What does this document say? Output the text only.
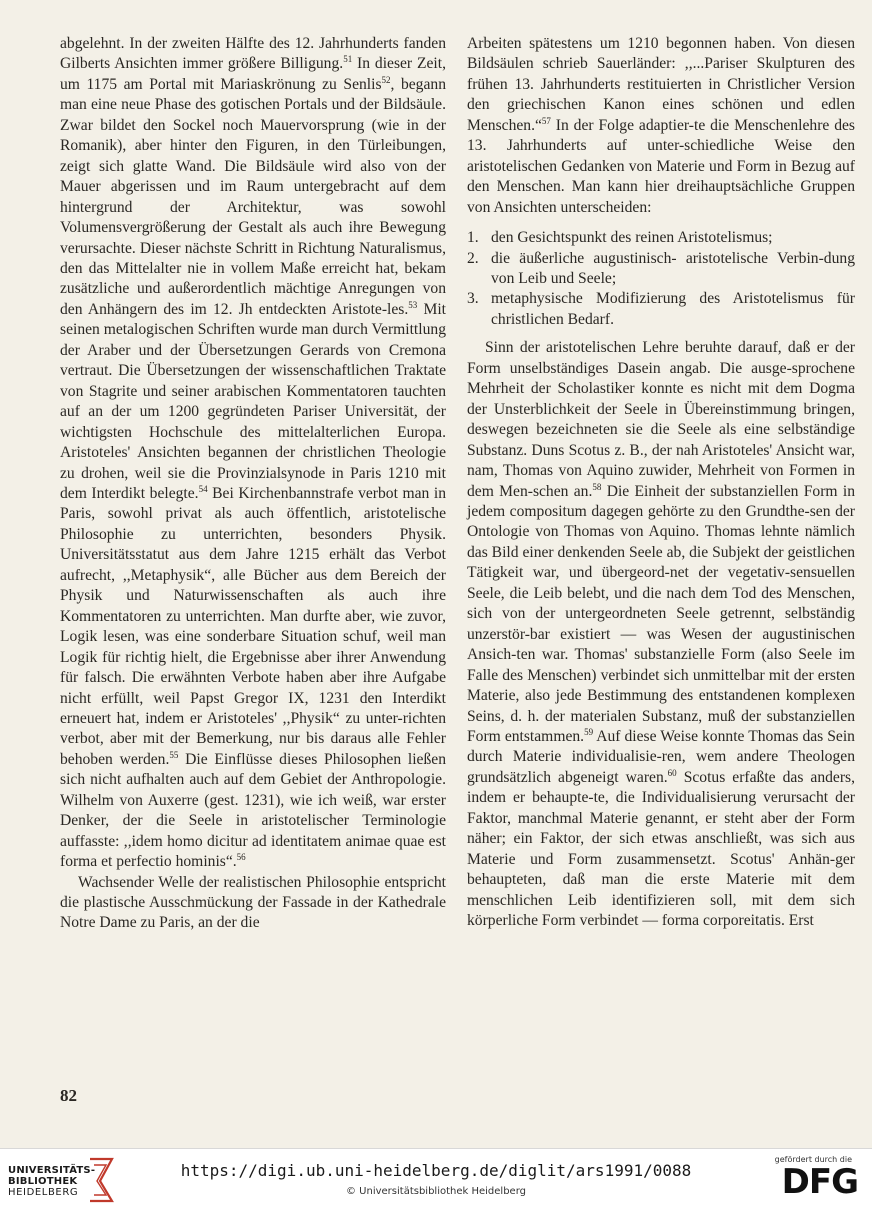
abgelehnt. In der zweiten Hälfte des 12. Jahrhunderts fanden Gilberts Ansichten immer größere Billigung.$^{51}$ In dieser Zeit, um 1175 am Portal mit Mariaskrönung zu Senlis$^{52}$, begann man eine neue Phase des gotischen Portals und der Bildsäule. Zwar bildet den Sockel noch Mauervorsprung (wie in der Romanik), aber hinter den Figuren, in den Türleibungen, zeigt sich glatte Wand. Die Bildsäule wird also von der Mauer abgerissen und im Raum untergebracht auf dem hintergrund der Architektur, was sowohl Volumensvergrößerung der Gestalt als auch ihre Bewegung verursachte. Dieser nächste Schritt in Richtung Naturalismus, den das Mittelalter nie in vollem Maße erreicht hat, bekam zusätzliche und außerordentlich mächtige Anregungen von den Anhängern des im 12. Jh entdeckten Aristote-les.$^{53}$ Mit seinen metalogischen Schriften wurde man durch Vermittlung der Araber und der Übersetzungen Gerards von Cremona vertraut. Die Übersetzungen der wissenschaftlichen Traktate von Stagrite und seiner arabischen Kommentatoren tauchten auf an der um 1200 gegründeten Pariser Universität, der wichtigsten Hochschule des mittelalterlichen Europa. Aristoteles' Ansichten begannen der christlichen Theologie zu drohen, weil sie die Provinzialsynode in Paris 1210 mit dem Interdikt belegte.$^{54}$ Bei Kirchenbannstrafe verbot man in Paris, sowohl privat als auch öffentlich, aristotelische Philosophie zu unterrichten, besonders Physik. Universitätsstatut aus dem Jahre 1215 erhält das Verbot aufrecht, ,,Metaphysik“, alle Bücher aus dem Bereich der Physik und Naturwissenschaften als auch ihre Kommentatoren zu unterrichten. Man durfte aber, wie zuvor, Logik lesen, was eine sonderbare Situation schuf, weil man Logik für richtig hielt, die Ergebnisse aber ihrer Anwendung für falsch. Die erwähnten Verbote haben aber ihre Aufgabe nicht erfüllt, weil Papst Gregor IX, 1231 den Interdikt erneuert hat, indem er Aristoteles' ,,Physik“ zu unter-richten verbot, aber mit der Bemerkung, nur bis daraus alle Fehler behoben werden.$^{55}$ Die Einflüsse dieses Philosophen ließen sich nicht aufhalten auch auf dem Gebiet der Anthropologie. Wilhelm von Auxerre (gest. 1231), wie ich weiß, war erster Denker, der die Seele in aristotelischer Terminologie auffasste: ,,idem homo dicitur ad identitatem animae quae est forma et perfectio hominis“.$^{56}$

Wachsender Welle der realistischen Philosophie entspricht die plastische Ausschmückung der Fassade in der Kathedrale Notre Dame zu Paris, an der die

Arbeiten spätestens um 1210 begonnen haben. Von diesen Bildsäulen schrieb Sauerländer: ,,...Pariser Skulpturen des frühen 13. Jahrhunderts restituierten in Christlicher Version den griechischen Kanon eines schönen und edlen Menschen.“$^{57}$ In der Folge adaptier-te die Menschenlehre des 13. Jahrhunderts auf unter-schiedliche Weise den aristotelischen Gedanken von Materie und Form in Bezug auf den Menschen. Man kann hier dreihauptsächliche Gruppen von Ansichten unterscheiden:

1. den Gesichtspunkt des reinen Aristotelismus;
2. die äußerliche augustinisch- aristotelische Verbin-dung von Leib und Seele;
3. metaphysische Modifizierung des Aristotelismus für christlichen Bedarf.

Sinn der aristotelischen Lehre beruhte darauf, daß er der Form unselbständiges Dasein angab. Die ausge-sprochene Mehrheit der Scholastiker konnte es nicht mit dem Dogma der Unsterblichkeit der Seele in Übereinstimmung bringen, deswegen bezeichneten sie die Seele als eine selbständige Substanz. Duns Scotus z. B., der nah Aristoteles' Ansicht war, nam, Thomas von Aquino zuwider, Mehrheit von Formen in dem Men-schen an.$^{58}$ Die Einheit der substanziellen Form in jedem compositum dagegen gehörte zu den Grundthe-sen der Ontologie von Thomas von Aquino. Thomas lehnte nämlich das Bild einer denkenden Seele ab, die Subjekt der geistlichen Tätigkeit war, und übergeord-net der vegetativ-sensuellen Seele, die Leib belebt, und die nach dem Tod des Menschen, sich von der untergeordneten Seele getrennt, selbständig unzerstör-bar existiert — was Wesen der augustinischen Ansich-ten war. Thomas' substanzielle Form (also Seele im Falle des Menschen) verbindet sich unmittelbar mit der ersten Materie, also jede Bestimmung des entstandenen komplexen Seins, d. h. der materialen Substanz, muß der substanziellen Form entstammen.$^{59}$ Auf diese Weise konnte Thomas das Sein durch Materie individualisie-ren, wem andere Theologen grundsätzlich abgeneigt waren.$^{60}$ Scotus erfaßte das anders, indem er behaupte-te, die Individualisierung verursacht der Faktor, manchmal Materie genannt, er steht aber der Form näher; ein Faktor, der sich etwas anschließt, was sich aus Materie und Form zusammensetzt. Scotus' Anhän-ger behaupteten, daß man die erste Materie mit dem menschlichen Leib identifizieren soll, mit dem sich körperliche Form verbindet — forma corporeitatis. Erst

82
UNIVERSITÄTS-
BIBLIOTHEK
HEIDELBERG
https://digi.ub.uni-heidelberg.de/diglit/ars1991/0088
© Universitätsbibliothek Heidelberg
gefördert durch die
DFG
